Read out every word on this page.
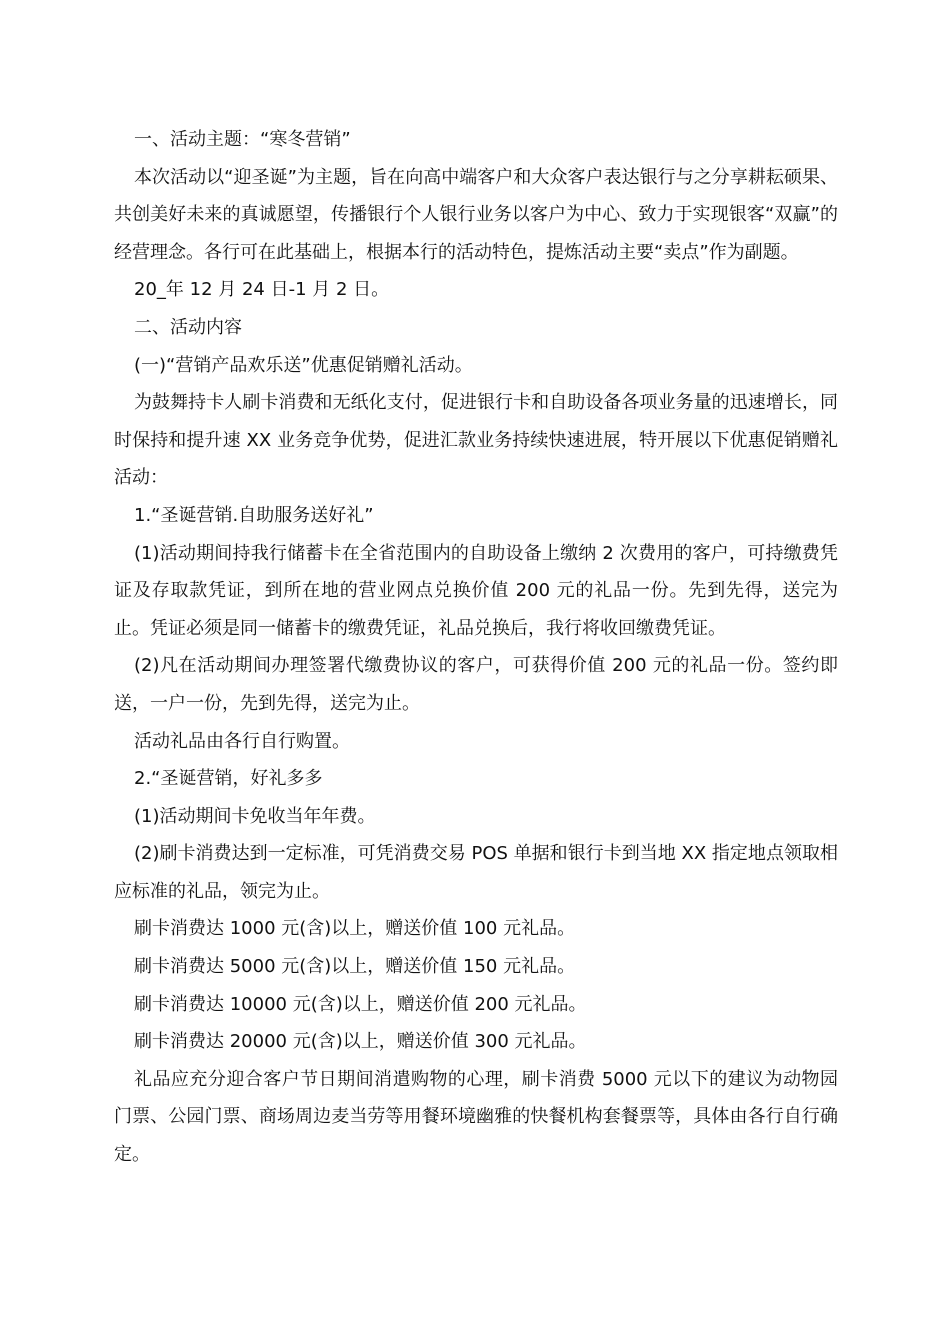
一、活动主题：“寒冬营销”

本次活动以“迎圣诞”为主题，旨在向高中端客户和大众客户表达银行与之分享耕耘硕果、共创美好未来的真诚愿望，传播银行个人银行业务以客户为中心、致力于实现银客“双赢”的经营理念。各行可在此基础上，根据本行的活动特色，提炼活动主要“卖点”作为副题。

20_年 12 月 24 日-1 月 2 日。

二、活动内容

(一)“营销产品欢乐送”优惠促销赠礼活动。

为鼓舞持卡人刷卡消费和无纸化支付，促进银行卡和自助设备各项业务量的迅速增长，同时保持和提升速 XX 业务竞争优势，促进汇款业务持续快速进展，特开展以下优惠促销赠礼活动：

1.“圣诞营销.自助服务送好礼”

(1)活动期间持我行储蓄卡在全省范围内的自助设备上缴纳 2 次费用的客户，可持缴费凭证及存取款凭证，到所在地的营业网点兑换价值 200 元的礼品一份。先到先得，送完为止。凭证必须是同一储蓄卡的缴费凭证，礼品兑换后，我行将收回缴费凭证。

(2)凡在活动期间办理签署代缴费协议的客户，可获得价值 200 元的礼品一份。签约即送，一户一份，先到先得，送完为止。

活动礼品由各行自行购置。

2.“圣诞营销，好礼多多

(1)活动期间卡免收当年年费。

(2)刷卡消费达到一定标准，可凭消费交易 POS 单据和银行卡到当地 XX 指定地点领取相应标准的礼品，领完为止。

刷卡消费达 1000 元(含)以上，赠送价值 100 元礼品。

刷卡消费达 5000 元(含)以上，赠送价值 150 元礼品。

刷卡消费达 10000 元(含)以上，赠送价值 200 元礼品。

刷卡消费达 20000 元(含)以上，赠送价值 300 元礼品。

礼品应充分迎合客户节日期间消遣购物的心理，刷卡消费 5000 元以下的建议为动物园门票、公园门票、商场周边麦当劳等用餐环境幽雅的快餐机构套餐票等，具体由各行自行确定。
